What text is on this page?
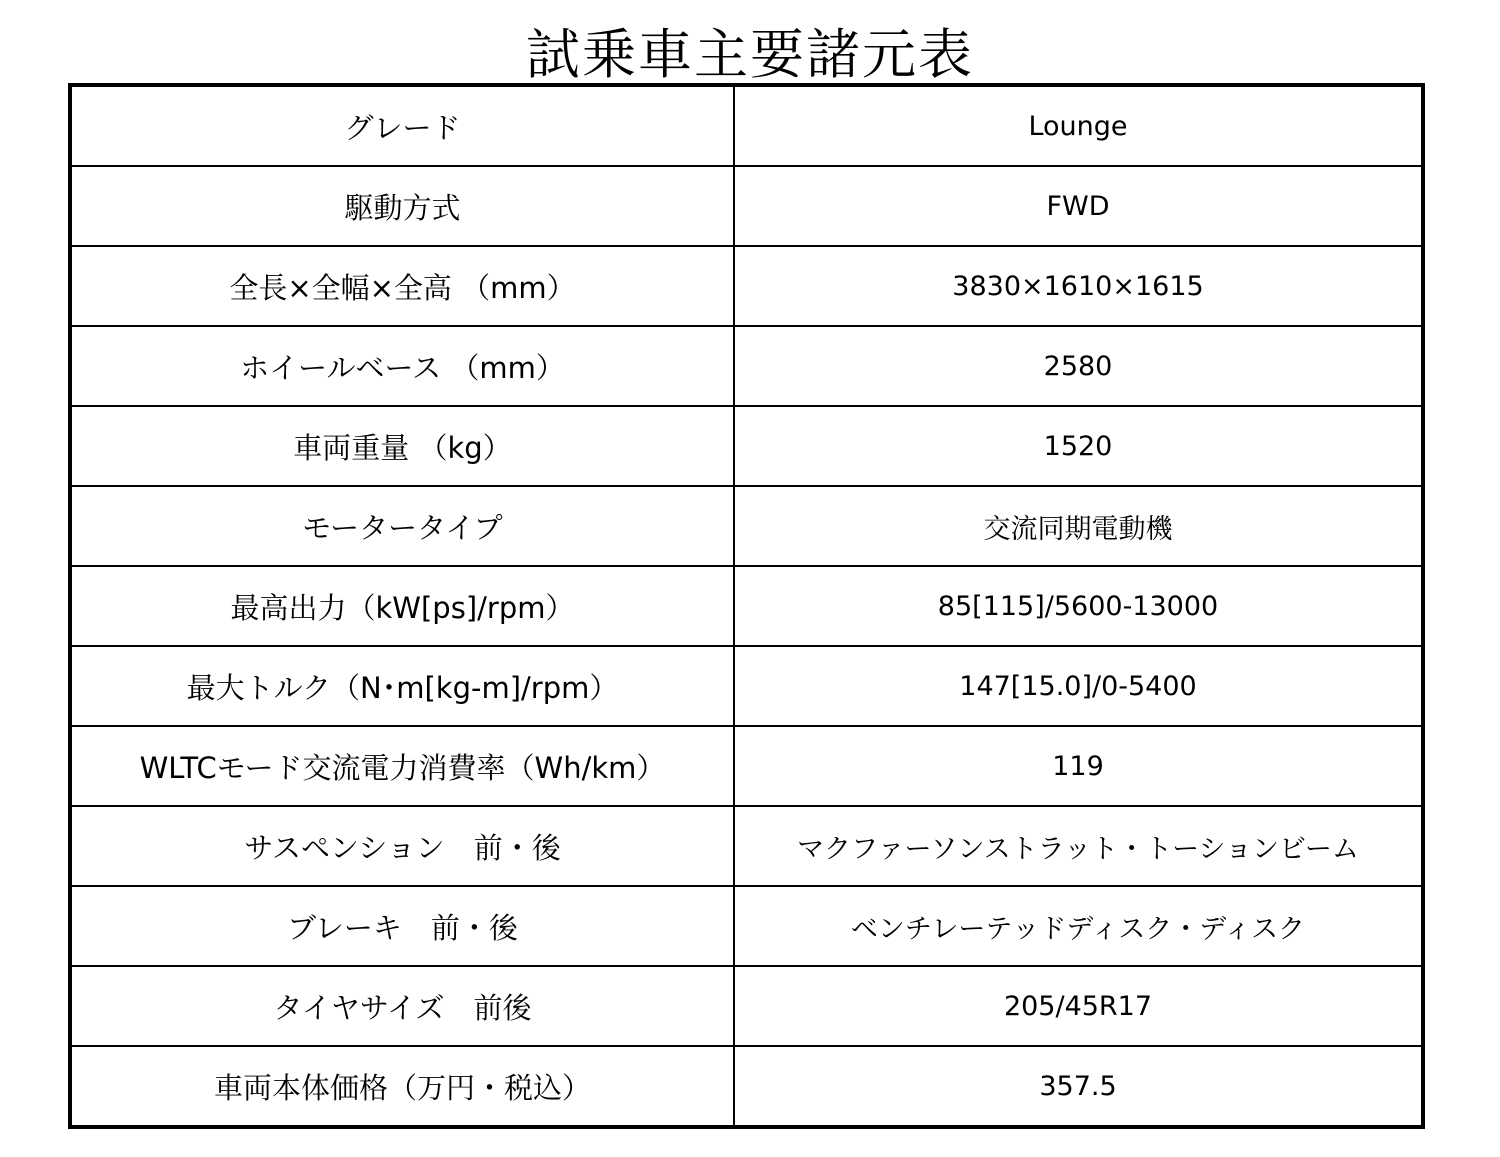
試乗車主要諸元表
グレード	Lounge
駆動方式	FWD
全長×全幅×全高 （mm）	3830×1610×1615
ホイールベース （mm）	2580
車両重量 （kg）	1520
モータータイプ	交流同期電動機
最高出力（kW[ps]/rpm）	85[115]/5600-13000
最大トルク（N･m[kg-m]/rpm）	147[15.0]/0-5400
WLTCモード交流電力消費率（Wh/km）	119
サスペンション　前・後	マクファーソンストラット・トーションビーム
ブレーキ　前・後	ベンチレーテッドディスク・ディスク
タイヤサイズ　前後	205/45R17
車両本体価格（万円・税込）	357.5
